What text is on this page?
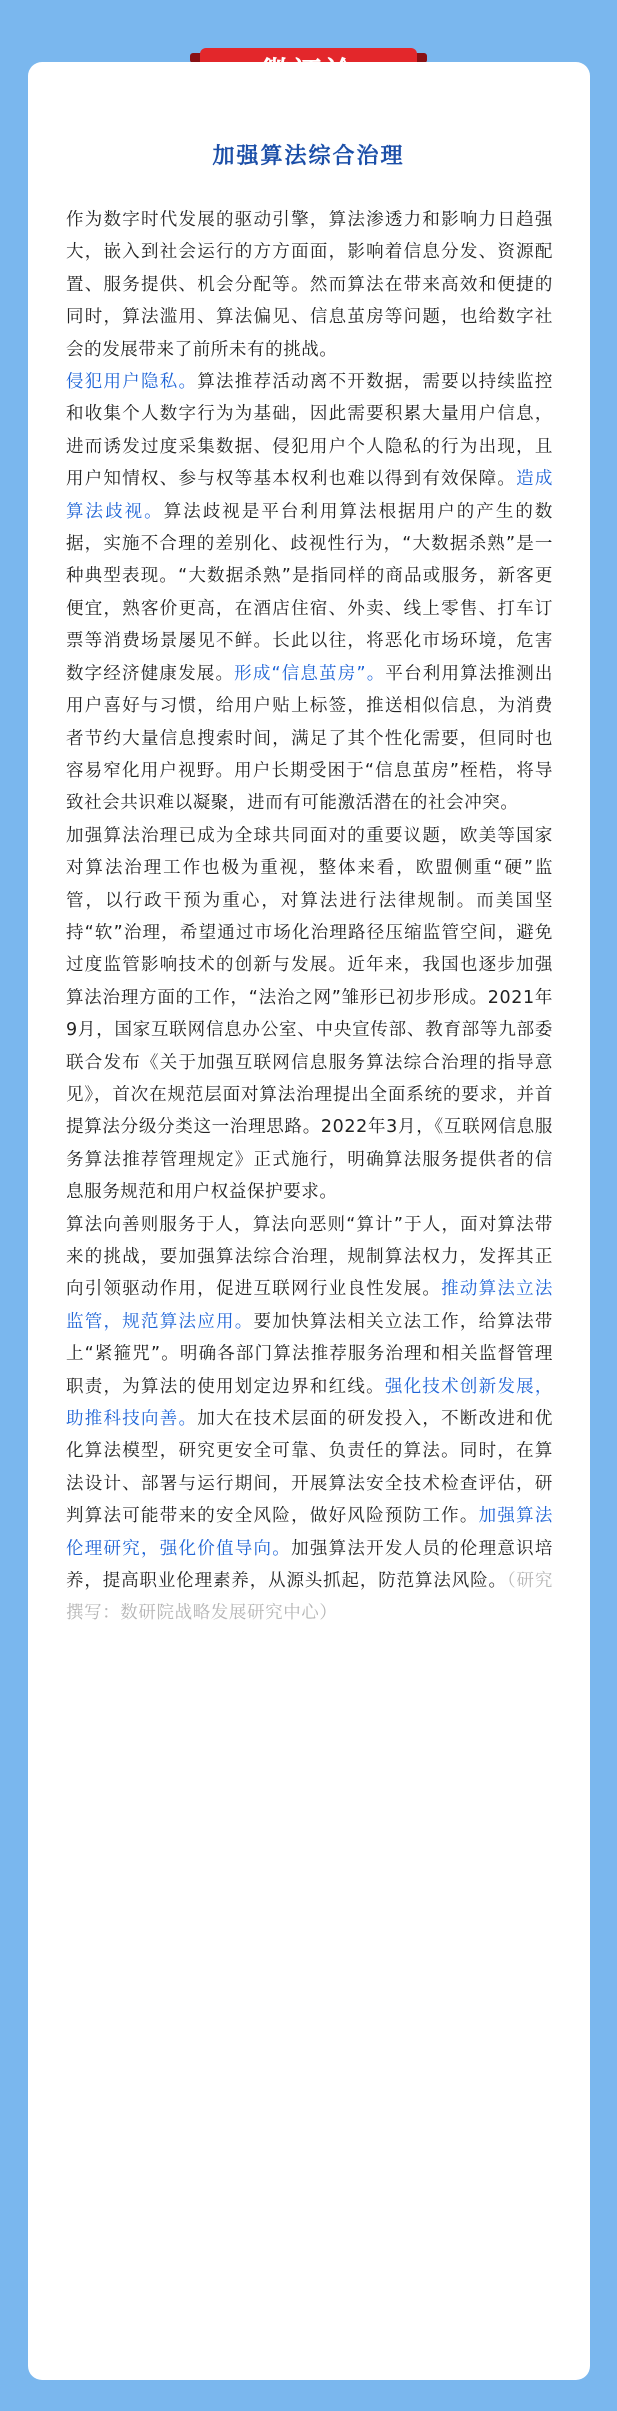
加强算法综合治理

作为数字时代发展的驱动引擎，算法渗透力和影响力日趋强大，嵌入到社会运行的方方面面，影响着信息分发、资源配置、服务提供、机会分配等。然而算法在带来高效和便捷的同时，算法滥用、算法偏见、信息茧房等问题，也给数字社会的发展带来了前所未有的挑战。

侵犯用户隐私。算法推荐活动离不开数据，需要以持续监控和收集个人数字行为为基础，因此需要积累大量用户信息，进而诱发过度采集数据、侵犯用户个人隐私的行为出现，且用户知情权、参与权等基本权利也难以得到有效保障。造成算法歧视。算法歧视是平台利用算法根据用户的产生的数据，实施不合理的差别化、歧视性行为，“大数据杀熟”是一种典型表现。“大数据杀熟”是指同样的商品或服务，新客更便宜，熟客价更高，在酒店住宿、外卖、线上零售、打车订票等消费场景屡见不鲜。长此以往，将恶化市场环境，危害数字经济健康发展。形成“信息茧房”。平台利用算法推测出用户喜好与习惯，给用户贴上标签，推送相似信息，为消费者节约大量信息搜索时间，满足了其个性化需要，但同时也容易窄化用户视野。用户长期受困于“信息茧房”桎梏，将导致社会共识难以凝聚，进而有可能激活潜在的社会冲突。

加强算法治理已成为全球共同面对的重要议题，欧美等国家对算法治理工作也极为重视，整体来看，欧盟侧重“硬”监管，以行政干预为重心，对算法进行法律规制。而美国坚持“软”治理，希望通过市场化治理路径压缩监管空间，避免过度监管影响技术的创新与发展。近年来，我国也逐步加强算法治理方面的工作，“法治之网”雏形已初步形成。2021年9月，国家互联网信息办公室、中央宣传部、教育部等九部委联合发布《关于加强互联网信息服务算法综合治理的指导意见》，首次在规范层面对算法治理提出全面系统的要求，并首提算法分级分类这一治理思路。2022年3月，《互联网信息服务算法推荐管理规定》正式施行，明确算法服务提供者的信息服务规范和用户权益保护要求。

算法向善则服务于人，算法向恶则“算计”于人，面对算法带来的挑战，要加强算法综合治理，规制算法权力，发挥其正向引领驱动作用，促进互联网行业良性发展。推动算法立法监管，规范算法应用。要加快算法相关立法工作，给算法带上“紧箍咒”。明确各部门算法推荐服务治理和相关监督管理职责，为算法的使用划定边界和红线。强化技术创新发展，助推科技向善。加大在技术层面的研发投入，不断改进和优化算法模型，研究更安全可靠、负责任的算法。同时，在算法设计、部署与运行期间，开展算法安全技术检查评估，研判算法可能带来的安全风险，做好风险预防工作。加强算法伦理研究，强化价值导向。加强算法开发人员的伦理意识培养，提高职业伦理素养，从源头抓起，防范算法风险。（研究撰写：数研院战略发展研究中心）
